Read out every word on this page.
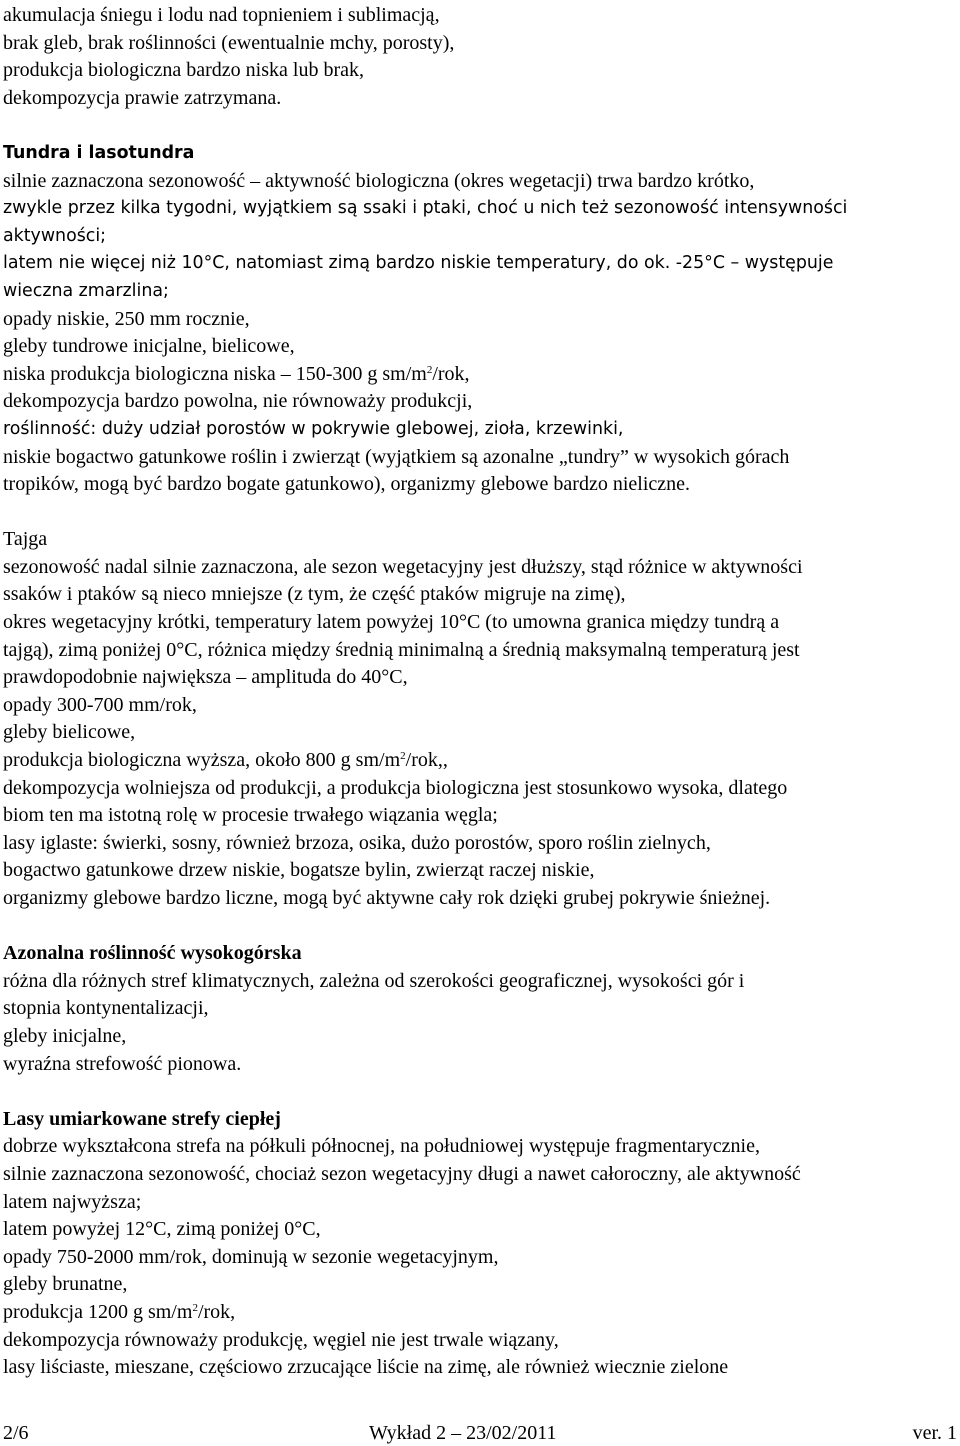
akumulacja śniegu i lodu nad topnieniem i sublimacją,
brak gleb, brak roślinności (ewentualnie mchy, porosty),
produkcja biologiczna bardzo niska lub brak,
dekompozycja prawie zatrzymana.
Tundra i lasotundra
silnie zaznaczona sezonowość – aktywność biologiczna (okres wegetacji) trwa bardzo krótko,
zwykle przez kilka tygodni, wyjątkiem są ssaki i ptaki, choć u nich też sezonowość intensywności
aktywności;
latem nie więcej niż 10°C, natomiast zimą bardzo niskie temperatury, do ok. -25°C – występuje
wieczna zmarzlina;
opady niskie, 250 mm rocznie,
gleby tundrowe inicjalne, bielicowe,
niska produkcja biologiczna niska – 150-300 g $sm/m^2$/rok,
dekompozycja bardzo powolna, nie równoważy produkcji,
roślinność: duży udział porostów w pokrywie glebowej, zioła, krzewinki,
niskie bogactwo gatunkowe roślin i zwierząt (wyjątkiem są azonalne „tundry” w wysokich górach
tropików, mogą być bardzo bogate gatunkowo), organizmy glebowe bardzo nieliczne.
Tajga
sezonowość nadal silnie zaznaczona, ale sezon wegetacyjny jest dłuższy, stąd różnice w aktywności
ssaków i ptaków są nieco mniejsze (z tym, że część ptaków migruje na zimę),
okres wegetacyjny krótki, temperatury latem powyżej 10°C (to umowna granica między tundrą a
tajgą), zimą poniżej 0°C, różnica między średnią minimalną a średnią maksymalną temperaturą jest
prawdopodobnie największa – amplituda do 40°C,
opady 300-700 mm/rok,
gleby bielicowe,
produkcja biologiczna wyższa, około 800 g $sm/m^2$/rok,,
dekompozycja wolniejsza od produkcji, a produkcja biologiczna jest stosunkowo wysoka, dlatego
biom ten ma istotną rolę w procesie trwałego wiązania węgla;
lasy iglaste: świerki, sosny, również brzoza, osika, dużo porostów, sporo roślin zielnych,
bogactwo gatunkowe drzew niskie, bogatsze bylin, zwierząt raczej niskie,
organizmy glebowe bardzo liczne, mogą być aktywne cały rok dzięki grubej pokrywie śnieżnej.
Azonalna roślinność wysokogórska
różna dla różnych stref klimatycznych, zależna od szerokości geograficznej, wysokości gór i
stopnia kontynentalizacji,
gleby inicjalne,
wyraźna strefowość pionowa.
Lasy umiarkowane strefy ciepłej
dobrze wykształcona strefa na półkuli północnej, na południowej występuje fragmentarycznie,
silnie zaznaczona sezonowość, chociaż sezon wegetacyjny długi a nawet całoroczny, ale aktywność
latem najwyższa;
latem powyżej 12°C, zimą poniżej 0°C,
opady 750-2000 mm/rok, dominują w sezonie wegetacyjnym,
gleby brunatne,
produkcja 1200 g $sm/m^2$/rok,
dekompozycja równoważy produkcję, węgiel nie jest trwale wiązany,
lasy liściaste, mieszane, częściowo zrzucające liście na zimę, ale również wiecznie zielone
2/6	Wykład 2 – 23/02/2011	ver. 1
